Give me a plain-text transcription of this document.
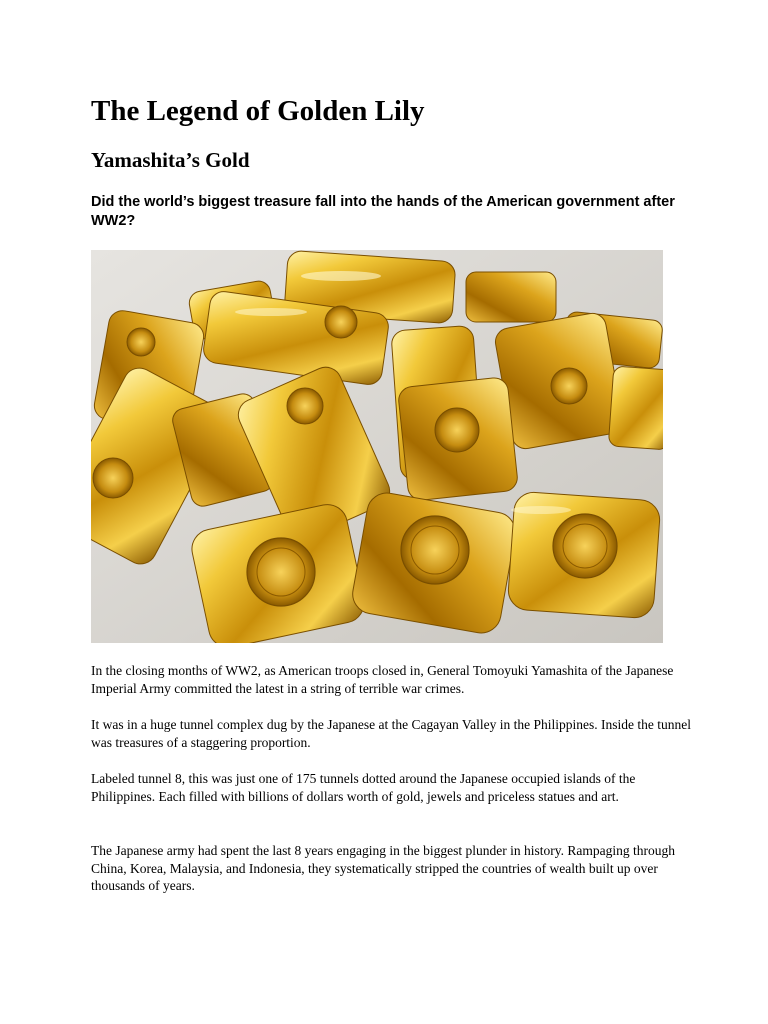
The Legend of Golden Lily
Yamashita’s Gold

Did the world’s biggest treasure fall into the hands of the American government after WW2?

In the closing months of WW2, as American troops closed in, General Tomoyuki Yamashita of the Japanese Imperial Army committed the latest in a string of terrible war crimes.

It was in a huge tunnel complex dug by the Japanese at the Cagayan Valley in the Philippines. Inside the tunnel was treasures of a staggering proportion.

Labeled tunnel 8, this was just one of 175 tunnels dotted around the Japanese occupied islands of the Philippines. Each filled with billions of dollars worth of gold, jewels and priceless statues and art.

The Japanese army had spent the last 8 years engaging in the biggest plunder in history. Rampaging through China, Korea, Malaysia, and Indonesia, they systematically stripped the countries of wealth built up over thousands of years.
